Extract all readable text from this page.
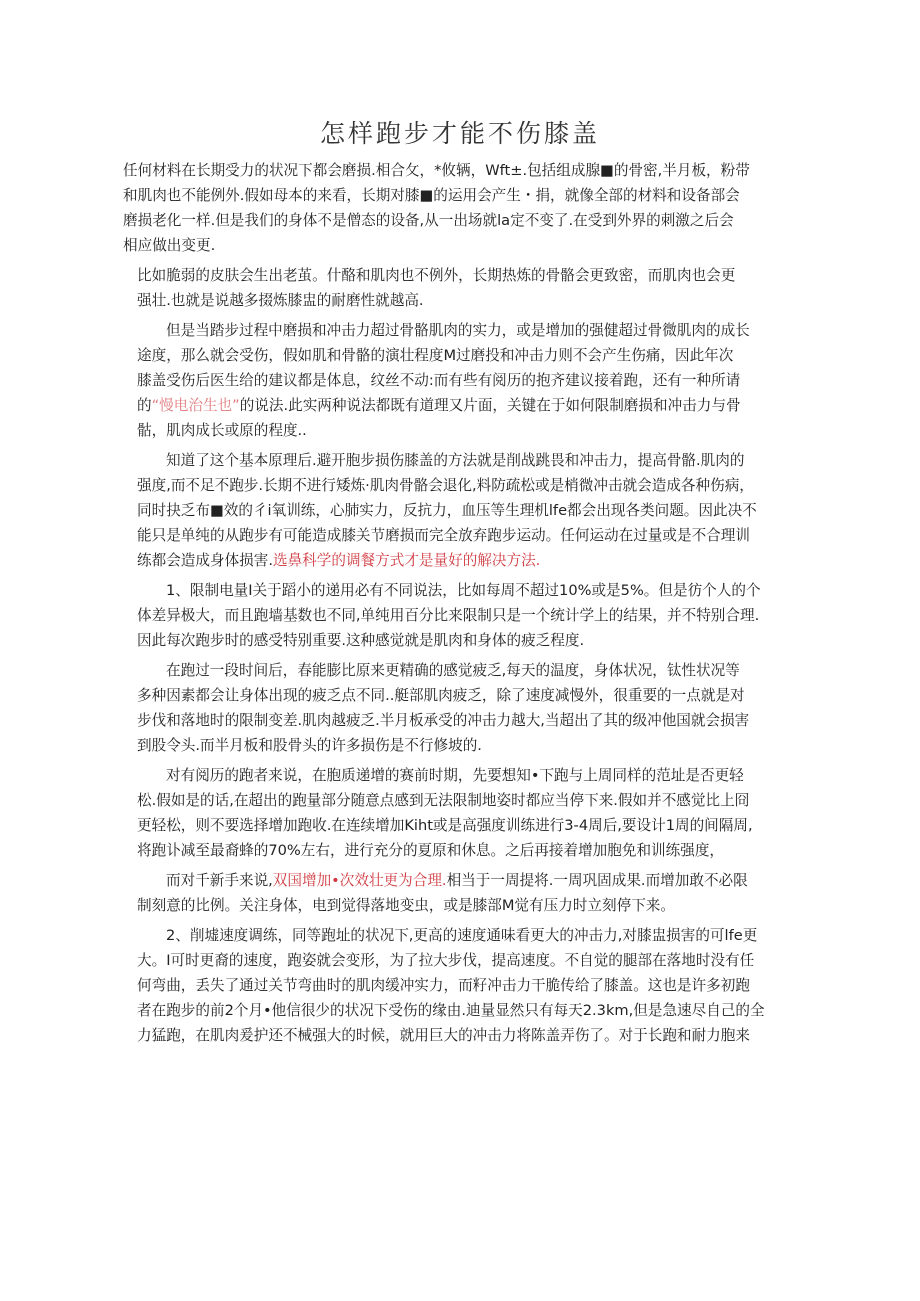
怎样跑步才能不伤膝盖
任何材料在长期受力的状况下都会磨损.相合攵，*攸辆，Wft±.包括组成腺■的骨密,半月板，粉带
和肌肉也不能例外.假如母本的来看，长期对膝■的运用会产生・捐，就像全部的材料和设备部会
磨损老化一样.但是我们的身体不是僧态的设备,从一出场就la定不变了.在受到外界的刺激之后会
相应做出变更.
比如脆弱的皮肤会生出老茧。什酪和肌肉也不例外，长期热炼的骨骼会更致密，而肌肉也会更
强壮.也就是说越多掇炼膝盅的耐磨性就越高.
但是当踏步过程中磨损和冲击力超过骨骼肌肉的实力，或是增加的强健超过骨微肌肉的成长
途度，那么就会受伤，假如肌和骨骼的演壮程度M过磨投和冲击力则不会产生伤痛，因此年次
膝盖受伤后医生给的建议都是体息，纹丝不动:而有些有阅历的抱齐建议接着跑，还有一种所请
的“慢电治生也”的说法.此实两种说法都既有道理又片面，关键在于如何限制磨损和冲击力与骨
骷，肌肉成长或原的程度..
知道了这个基本原理后.避开胞步损伤膝盖的方法就是削战跳畏和冲击力，提高骨骼.肌肉的
强度,而不足不跑步.长期不进行矮炼·肌肉骨骼会退化,料防疏松或是梢微冲击就会造成各种伤病，
同时抉乏布■效的彳i氧训练，心肺实力，反抗力，血压等生理机lfe都会出现各类问题。因此决不
能只是单纯的从跑步有可能造成膝关节磨损而完全放弃跑步运动。任何运动在过量或是不合理训
练都会造成身体损害.选鼻科学的调餐方式才是量好的解决方法.
1、限制电量I关于蹈小的递用必有不同说法，比如每周不超过10%或是5%。但是彷个人的个
体差异极大，而且跑墙基数也不同,单纯用百分比来限制只是一个统计学上的结果，并不特别合理.
因此每次跑步时的感受特别重要.这种感觉就是肌肉和身体的疲乏程度.
在跑过一段时间后，春能膨比原来更精确的感觉疲乏,每天的温度，身体状况，钛性状况等
多种因素都会让身体出现的疲乏点不同..艇部肌肉疲乏，除了速度减慢外，很重要的一点就是对
步伐和落地时的限制变差.肌肉越疲乏.半月板承受的冲击力越大,当超出了其的级冲他国就会损害
到股令头.而半月板和股骨头的许多损伤是不行修坡的.
对有阅历的跑者来说，在胞质递增的赛前时期，先要想知•下跑与上周同样的范址是否更轻
松.假如是的话,在超出的跑量部分随意点感到无法限制地姿时都应当停下来.假如并不感觉比上冏
更轻松，则不要选择增加跑收.在连续增加Kiht或是高强度训练进行3-4周后,要设计1周的间隔周,
将跑讣减至最裔蜂的70%左右，进行充分的夏原和休息。之后再接着增加胞免和训练强度，
而对千新手来说,双国增加•次效壮更为合理.相当于一周提将.一周巩固成果.而增加敢不必限
制刻意的比例。关注身体，电到觉得落地变虫，或是膝部M觉有压力时立刻停下来。
2、削墟速度调练，同等跑址的状况下,更高的速度通味看更大的冲击力,对膝盅损害的可lfe更
大。I可时更裔的速度，跑姿就会变形，为了拉大步伐，提高速度。不自觉的腿部在落地时没有任
何弯曲，丢失了通过关节弯曲时的肌肉缓冲实力，而籽冲击力干脆传给了膝盖。这也是许多初跑
者在跑步的前2个月•他信很少的状况下受伤的缘由.迪量显然只有每天2.3km,但是急速尽自己的全
力猛跑，在肌肉爰护还不械强大的时候，就用巨大的冲击力将陈盖弄伤了。对于长跑和耐力胞来
